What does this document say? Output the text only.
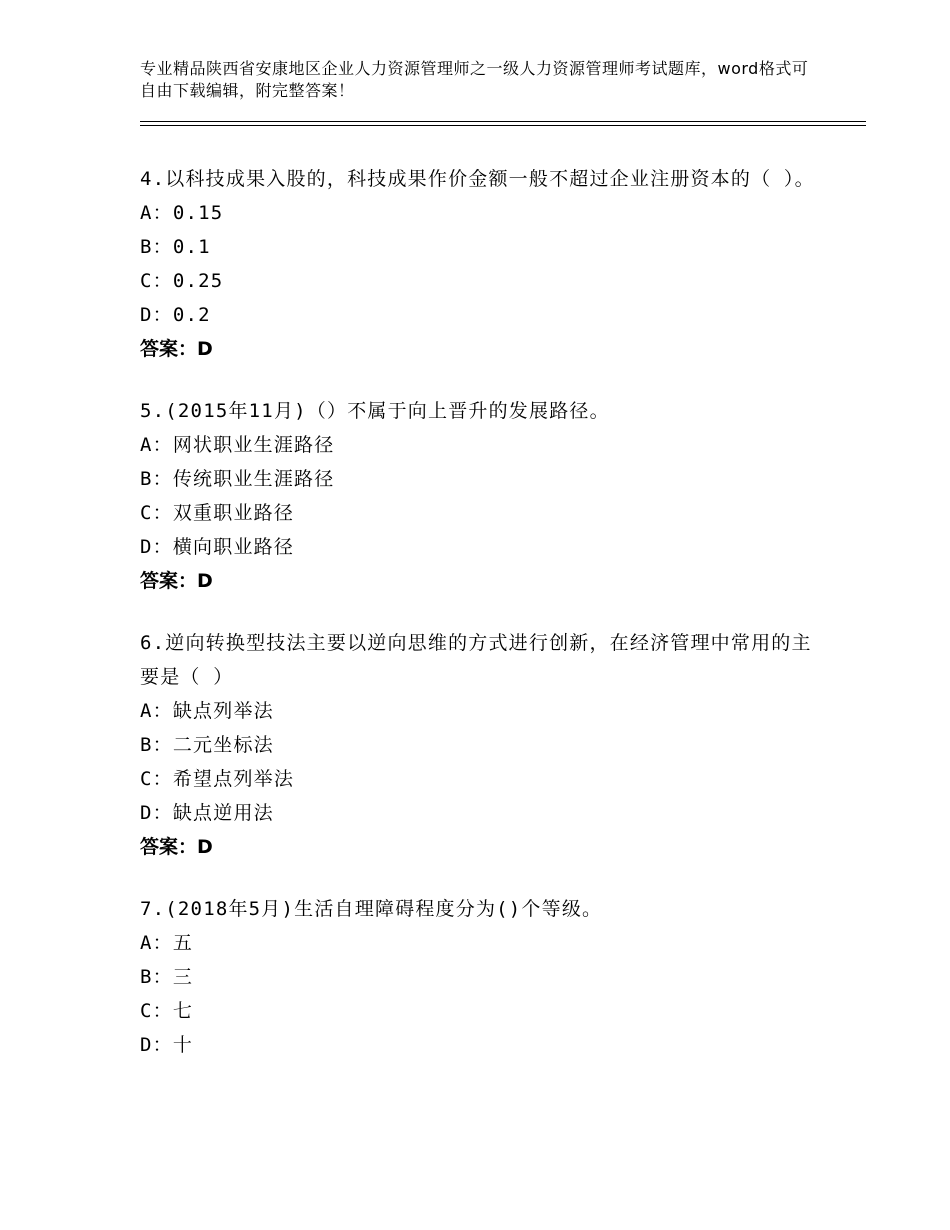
专业精品陕西省安康地区企业人力资源管理师之一级人力资源管理师考试题库，word格式可自由下载编辑，附完整答案！
4.以科技成果入股的，科技成果作价金额一般不超过企业注册资本的（ ）。
A：0.15
B：0.1
C：0.25
D：0.2
答案：D
5.(2015年11月)（）不属于向上晋升的发展路径。
A：网状职业生涯路径
B：传统职业生涯路径
C：双重职业路径
D：横向职业路径
答案：D
6.逆向转换型技法主要以逆向思维的方式进行创新，在经济管理中常用的主要是（ ）
A：缺点列举法
B：二元坐标法
C：希望点列举法
D：缺点逆用法
答案：D
7.(2018年5月)生活自理障碍程度分为()个等级。
A：五
B：三
C：七
D：十
